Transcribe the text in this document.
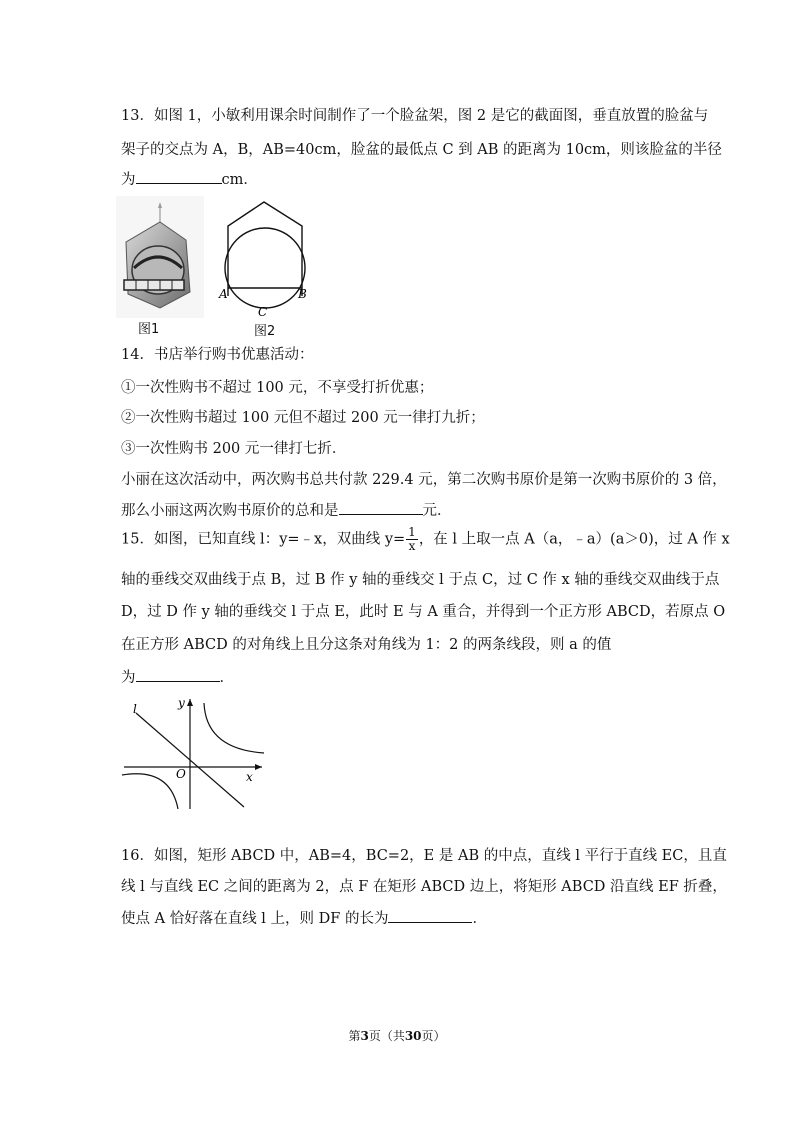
13．如图 1，小敏利用课余时间制作了一个脸盆架，图 2 是它的截面图，垂直放置的脸盆与
架子的交点为 A，B，AB=40cm，脸盆的最低点 C 到 AB 的距离为 10cm，则该脸盆的半径
为	cm．
图1
A	B
C
图2
14．书店举行购书优惠活动：
①一次性购书不超过 100 元，不享受打折优惠；
②一次性购书超过 100 元但不超过 200 元一律打九折；
③一次性购书 200 元一律打七折．
小丽在这次活动中，两次购书总共付款 229.4 元，第二次购书原价是第一次购书原价的 3 倍，
那么小丽这两次购书原价的总和是	元．
15．如图，已知直线 l：y=﹣x，双曲线 $y= \frac{1}{x}$ ，在 l 上取一点 A（a，﹣a）(a＞0)，过 A 作 x
轴的垂线交双曲线于点 B，过 B 作 y 轴的垂线交 l 于点 C，过 C 作 x 轴的垂线交双曲线于点
D，过 D 作 y 轴的垂线交 l 于点 E，此时 E 与 A 重合，并得到一个正方形 ABCD，若原点 O
在正方形 ABCD 的对角线上且分这条对角线为 1：2 的两条线段，则 a 的值
为	．
l	y
O	x
16．如图，矩形 ABCD 中，AB=4，BC=2，E 是 AB 的中点，直线 l 平行于直线 EC，且直
线 l 与直线 EC 之间的距离为 2，点 F 在矩形 ABCD 边上，将矩形 ABCD 沿直线 EF 折叠，
使点 A 恰好落在直线 l 上，则 DF 的长为	．
第3页（共30页）
